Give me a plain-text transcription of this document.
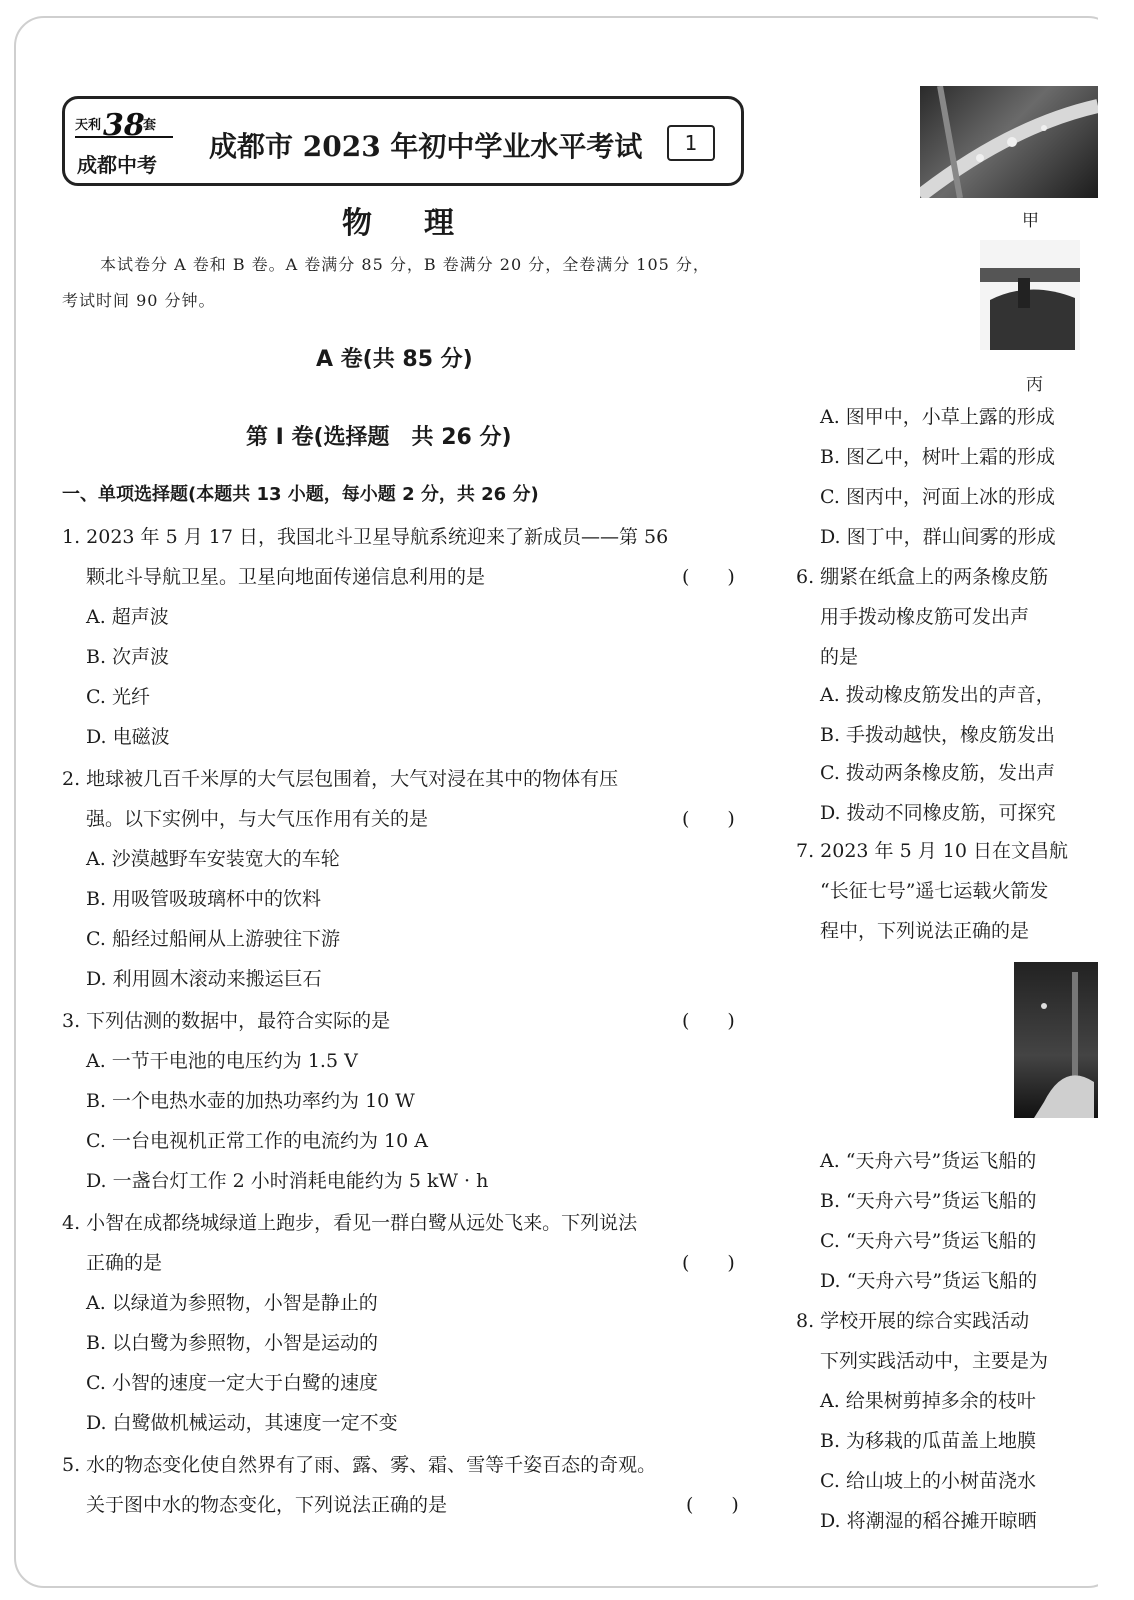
天利 38
套
成都中考
成都市 2023 年初中学业水平考试	1
物理
本试卷分 A 卷和 B 卷。A 卷满分 85 分，B 卷满分 20 分，全卷满分 105 分，
考试时间 90 分钟。
A 卷(共 85 分)
第 Ⅰ 卷(选择题　共 26 分)
一、单项选择题(本题共 13 小题，每小题 2 分，共 26 分)
1. 2023 年 5 月 17 日，我国北斗卫星导航系统迎来了新成员——第 56
颗北斗导航卫星。卫星向地面传递信息利用的是	(　　)
A. 超声波
B. 次声波
C. 光纤
D. 电磁波
2. 地球被几百千米厚的大气层包围着，大气对浸在其中的物体有压
强。以下实例中，与大气压作用有关的是	(　　)
A. 沙漠越野车安装宽大的车轮
B. 用吸管吸玻璃杯中的饮料
C. 船经过船闸从上游驶往下游
D. 利用圆木滚动来搬运巨石
3. 下列估测的数据中，最符合实际的是	(　　)
A. 一节干电池的电压约为 1.5 V
B. 一个电热水壶的加热功率约为 10 W
C. 一台电视机正常工作的电流约为 10 A
D. 一盏台灯工作 2 小时消耗电能约为 5 kW · h
4. 小智在成都绕城绿道上跑步，看见一群白鹭从远处飞来。下列说法
正确的是	(　　)
A. 以绿道为参照物，小智是静止的
B. 以白鹭为参照物，小智是运动的
C. 小智的速度一定大于白鹭的速度
D. 白鹭做机械运动，其速度一定不变
5. 水的物态变化使自然界有了雨、露、雾、霜、雪等千姿百态的奇观。
关于图中水的物态变化，下列说法正确的是	(　　)
甲
丙
A. 图甲中，小草上露的形成
B. 图乙中，树叶上霜的形成
C. 图丙中，河面上冰的形成
D. 图丁中，群山间雾的形成
6. 绷紧在纸盒上的两条橡皮筋
用手拨动橡皮筋可发出声
的是
A. 拨动橡皮筋发出的声音，
B. 手拨动越快，橡皮筋发出
C. 拨动两条橡皮筋，发出声
D. 拨动不同橡皮筋，可探究
7. 2023 年 5 月 10 日在文昌航
“长征七号”遥七运载火箭发
程中，下列说法正确的是
A. “天舟六号”货运飞船的
B. “天舟六号”货运飞船的
C. “天舟六号”货运飞船的
D. “天舟六号”货运飞船的
8. 学校开展的综合实践活动
下列实践活动中，主要是为
A. 给果树剪掉多余的枝叶
B. 为移栽的瓜苗盖上地膜
C. 给山坡上的小树苗浇水
D. 将潮湿的稻谷摊开晾晒
